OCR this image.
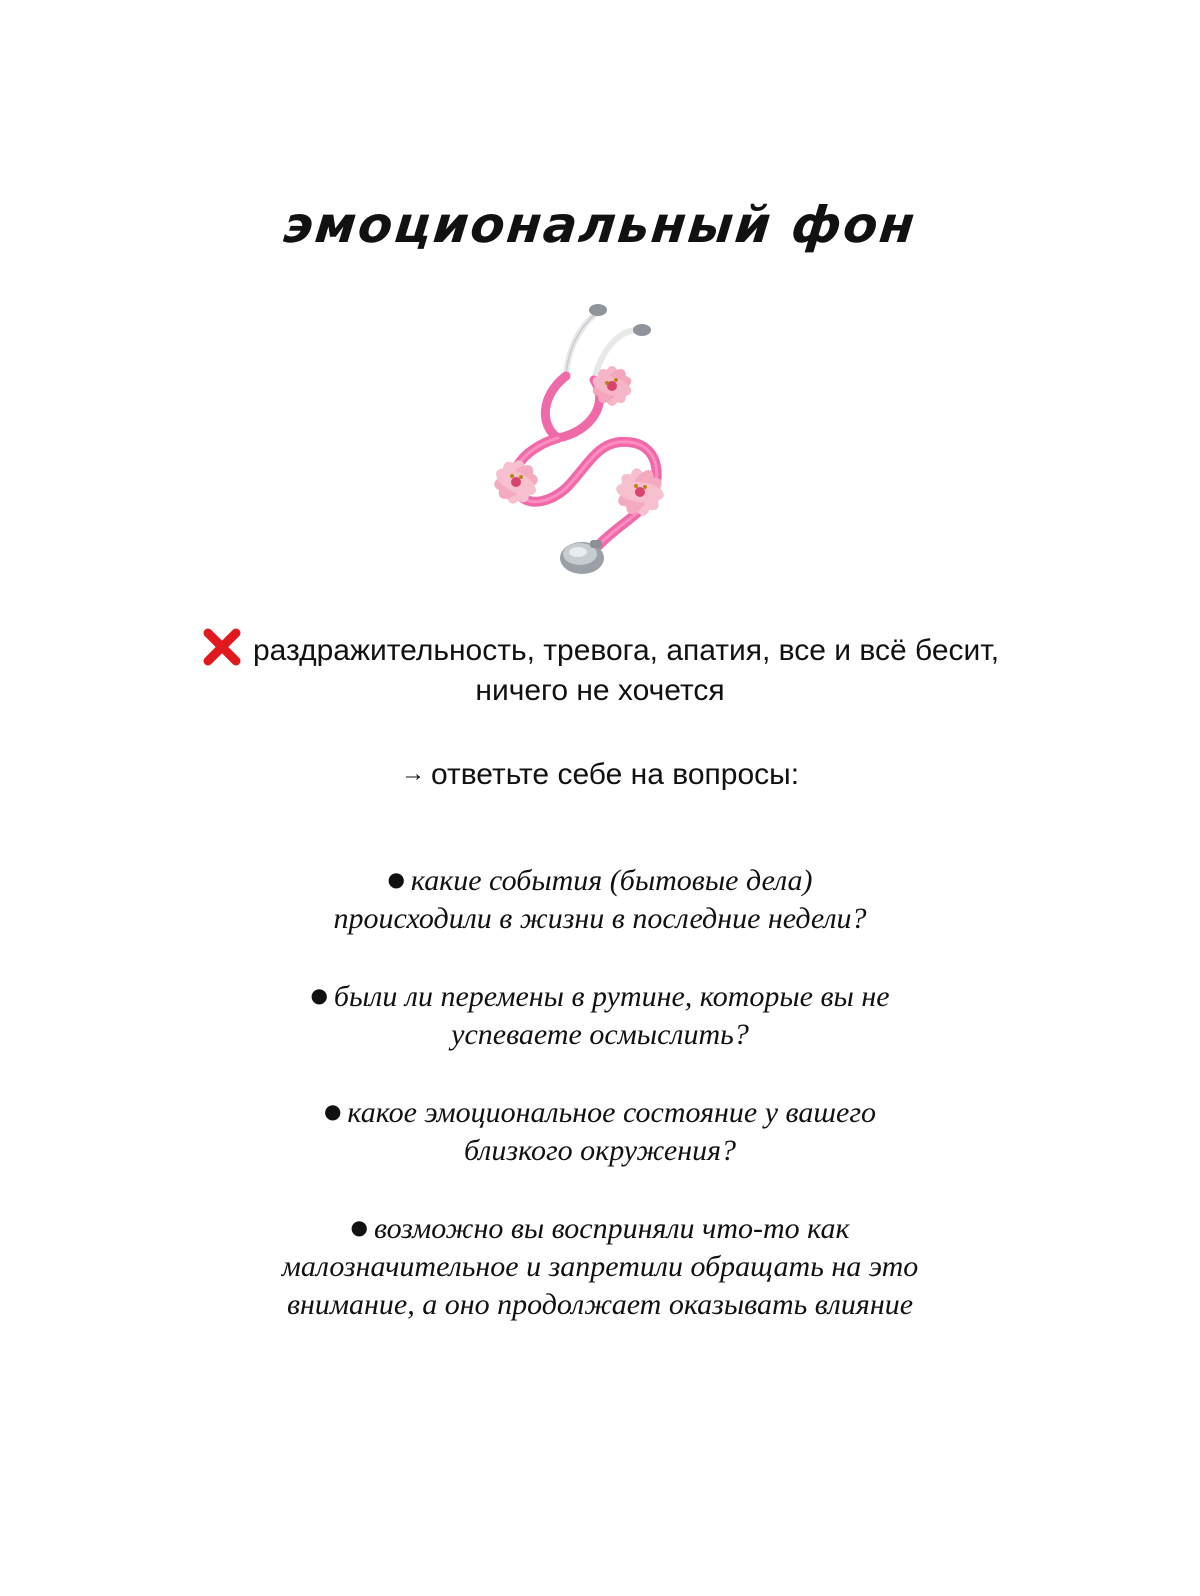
эмоциональный фон
раздражительность, тревога, апатия, все и всё бесит,
ничего не хочется
→ ответьте себе на вопросы:
● какие события (бытовые дела)
происходили в жизни в последние недели?
● были ли перемены в рутине, которые вы не
успеваете осмыслить?
● какое эмоциональное состояние у вашего
близкого окружения?
● возможно вы восприняли что-то как
малозначительное и запретили обращать на это
внимание, а оно продолжает оказывать влияние
